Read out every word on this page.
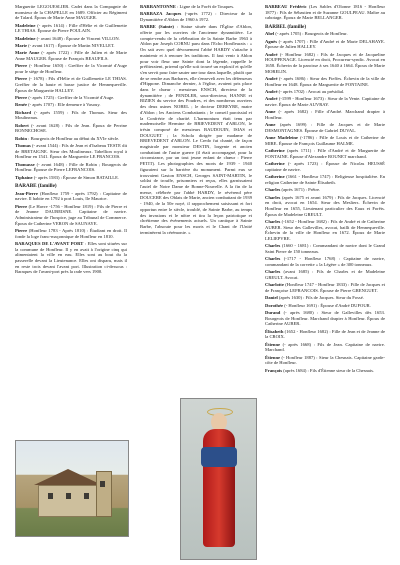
Marguerite LEGOUESLIER. Cadet dans la Compagnie de monsieur de la CHAPELLE en 1689. Officier au Régiment de Talard. Époux de Marie Anne MAUGER.
Madeleine (- après 1614) : Fille d'Hélie et de Guillemette LE THIAS. Épouse de Pierre POULAIN.
Madeleine (- avant 1648) : Épouse de Vincent VILLON.
Marie (- avant 1617) : Épouse de Martin NIVELLET.
Marie Anne (- après 1722) : Fille de Julien et de Marie Anne MAUGER. Épouse de François BEAUFILS.
Pierre (- Honfleur 1650) : Greffier de la Vicomté d'Auge pour le siège de Honfleur.
Pierre (- 1678) : Fils d'Hélie et de Guillemette LE THIAS. Greffier de la haute et basse justice de Hennequeville. Époux de Marguerite HALLEY.
Pierre (- après 1725) : Greffier de la Vicomté d'Auge.
Renée (- après 1707) : Elle demeure à Vasouy.
Richard (- après 1559) : Fils de Thomas. Sieur des Moulineaux.
Robert (- avant 1628) : Fils de Jean. Époux de Perrine BONNECHOSE.
Robin : Bourgeois de Honfleur au début du XVIe siècle.
Thomas (- avant 1544) : Fils de Jean et d'Isabeau TESTE dit de BRETAIGNE. Sieur des Moulineaux. Tabellion royal à Honfleur en 1541. Époux de Marguerite LE FRANCOIS.
Thomasse (- avant 1648) : Fille de Robin ; Bourgeois de Honfleur. Épouse de Pierre LEFRANCOIS.
Tiphaine (- après 1583) : Épouse de Simon BATAILLE.
BARABE (famille)
Jean-Pierre (Honfleur 1759 - après 1792) : Capitaine de navire. Il habite en 1792 à port Louis, île Maurice.
Pierre (Le Havre -1756 - Honfleur 1819) : Fils de Pierre et de Jeanne DAUBEISNE. Capitaine de navire. Administrateur de l'hospice, juge au Tribunal de Commerce. Époux de Catherine VERON de SAUNAYE.
Pierre (Honfleur 1783 - Après 1810) : Étudiant en droit. Il fonde la loge franc-maçonnique de Honfleur en 1810.
BARAQUES DE L'AVANT PORT : Elles sont situées sur la commune de Honfleur. Il y en avait à l'origine cinq qui alimentaient la ville en eau. Elles sont au bout du la passerelle devant la Lieutenance. Elles ont disparu, mais il en reste trois devant l'avant port. Illustration ci-dessous : Baraques de l'avant-port près la rade vers 1900.
BARRANTONNE : Ligne de la Forêt de Touques.
BARBAZA Jacques (-après 1772) : Directeur de la Dynamitière d'Ablon de 1960 à 1972.
BARBE (Sainte) : Statue située dans l'Église d'Ablon, offerte par les ouvriers de l'ancienne dynamitière. Le compte-rendu de la célébration de la Sainte Barbe 1963 à Ablon par Joseph CORNU paru dans l'Echo Honfleurais : « On sait avec quel dévouement l'abbé HARDY s'attache à maintenir et à renouer les traditions. Il faut venir à Ablon pour voir fleur une Sainte dont la légende, rappelle le préfiteraient, prirend qu'elle soit trouvé un explosif et qu'elle s'en servit pour faire sauter une tour dans laquelle, plutôt que de se rendre aux Barbares, elle s'enseveli avec les défenseurs d'Hippone. Dimanche dernier, à l'église, avaient pris place dans le chœur : messieurs ENSCH, directeur de la dynamitière ; de FENDLER, sous-directeur, HANNE et BIZIEN du service des Poudres, et des nombreux ouvriers des deux usines NOBEL ; le docteur DEBEYRE, maire d'Ablon ; les Anciens Combattants ; le conseil paroissial et la Confrérie de charité. L'harmonium était tenu par mademoiselle Hermine de BRIEVEDENT d'ABLON, le trésin composé de messieurs BAUDOUIN, ISIAS et DOUGUET ; la Schola dirigée par madame de BRIEVEDENT d'ABLON. Le Credo fut chanté, de façon magistrale par monsieur DESTIN, lorgente et ancien combattant de l'autre guerre (il était accompagné, pour la circonstance, par un tout jeune enfant de chœur : Pierre PETIT). Les photographies des morts de 1939 - 1940 figuraient sur la barrière du monument. Parmi eux se trouvaient Gaston ENSCH, Georges SAINT-MARTIN, le soldat de trouffe, prisonniers et reçus, elles garnissaient l'autel de Notre Dame de Bonne-Nouvelle. A la fin de la messe, célébrée par l'abbé HARDY, le révérend père DOUCERE des Oblats de Marie, ancien combattant de 1939 - 1940, de la 50e noyé, il rapprochement saisissant et fort opportun entre le siècle, troublé, de Sainte Barbe, au temps des invasions et le nôtre et tira la leçon patriotique et chrétienne des événements actuels. Un cantique à Sainte Barbe, l'absoute pour les morts et le Chant de l'Unité terminèrent la cérémonie. »
BARBEAU Frédéric (Les Sables d'Olonne 1816 - Honfleur 1877) : Fils de Sébastien et de Suzanne GOULPEAU. Maître au cabotage. Époux de Marie BELLANGER.
BARBEL (famille)
Abel (- après 1705) : Bourgeois de Honfleur.
Agnès (- après 1707) : Fille d'André et de Marie DELAHAYE. Épouse de Julien HALLEY.
André (- Honfleur 1682) : Fils de Jacques et de Jacqueline HOUPPENAGE. Licencié en droit, Procureur-syndic. Avocat en 1658. Échevin de la paroisse à ses 1640 à 1664. Époux de Marie MORELIN.
André (- après 1686) : Sieur des Fieffes. Échevin de la ville de Honfleur en 1648. Époux de Marguerite de FONTAINE.
André (- après 1702) : Avocat au présidial.
André (-1599 - Honfleur 1673) : Sieur de la Vente. Capitaine de navire. Époux de Marie AUVRAY.
Anne (- après 1682) : Fille d'André. Marchand drapier à Honfleur.
Anne (après 1699) : Fille de Jacques et de Marie DESMONTAGNES. Épouse de Gabriel DUVAL.
Anne Madeleine (-1786) : Fille de Louis et de Catherine de MIRE. Épouse de François Guillaume HALME.
Catherine (après 1711) : Fille d'André et de Marguerite de FONTAINE. Épouse d'Alexandre ROUNET marchand.
Catherine (- après 1723) : Épouse de Nicolas HEUSSÉ capitaine de navire.
Catherine (1661 - Honfleur 1747) : Religieuse hospitalière. En religion Catherine de Sainte Élisabeth.
Charles (après 1671) : Prêtre.
Charles (après 1675 et avant 1679) : Fils de Jacques. Licencié en droit, avocat en 1654. Sieur des Mesliers. Échevin de Honfleur en 1655, Lieutenant particulier des Eaux et Forêts. Époux de Madeleine GREULT.
Charles (-1652 - Honfleur 1682) : Fils de André et de Catherine AUBER. Sieur des Gallevilles, avocat, bailli de Hennequeville. Échevin de la ville de Honfleur en 1672. Époux de Marie LELIEPVRE.
Charles (1660 - 1681) : Commandant de navire dont le Grand Saint Pierre de 150 tonneaux.
Charles (-1717 - Honfleur 1768) : Capitaine de navire, commandant de la corvette « la Légère » de 300 tonneaux.
Charles (avant 1685) : Fils de Charles et de Madeleine GREULT. Avocat.
Charlotte (Honfleur 1747 - Honfleur 1833) : Fille de Jacques et de Françoise LEFRANCOIS. Épouse de Pierre GRENGUET.
Daniel (après 1630) : Fils de Jacques. Sieur du Fossé.
Dorothée (- Honfleur 1691) : Épouse d'André DUFOUR.
Durand (- après 1680) : Sieur de Gallevilles dès 1653. Bourgeois de Honfleur. Marchand drapier à Honfleur. Époux de Catherine AUBER.
Élisabeth (1652 - Honfleur 1682) : Fille de Jean et de Jeanne de la CROIX.
Étienne (- après 1668) : Fils de Jean. Capitaine de navire. Marchand.
Étienne (- Honfleur 1887) : Sieur la Chesnais. Capitaine garde-côte de Honfleur.
François (après 1684) : Fils d'Étienne sieur de la Chesnais.
